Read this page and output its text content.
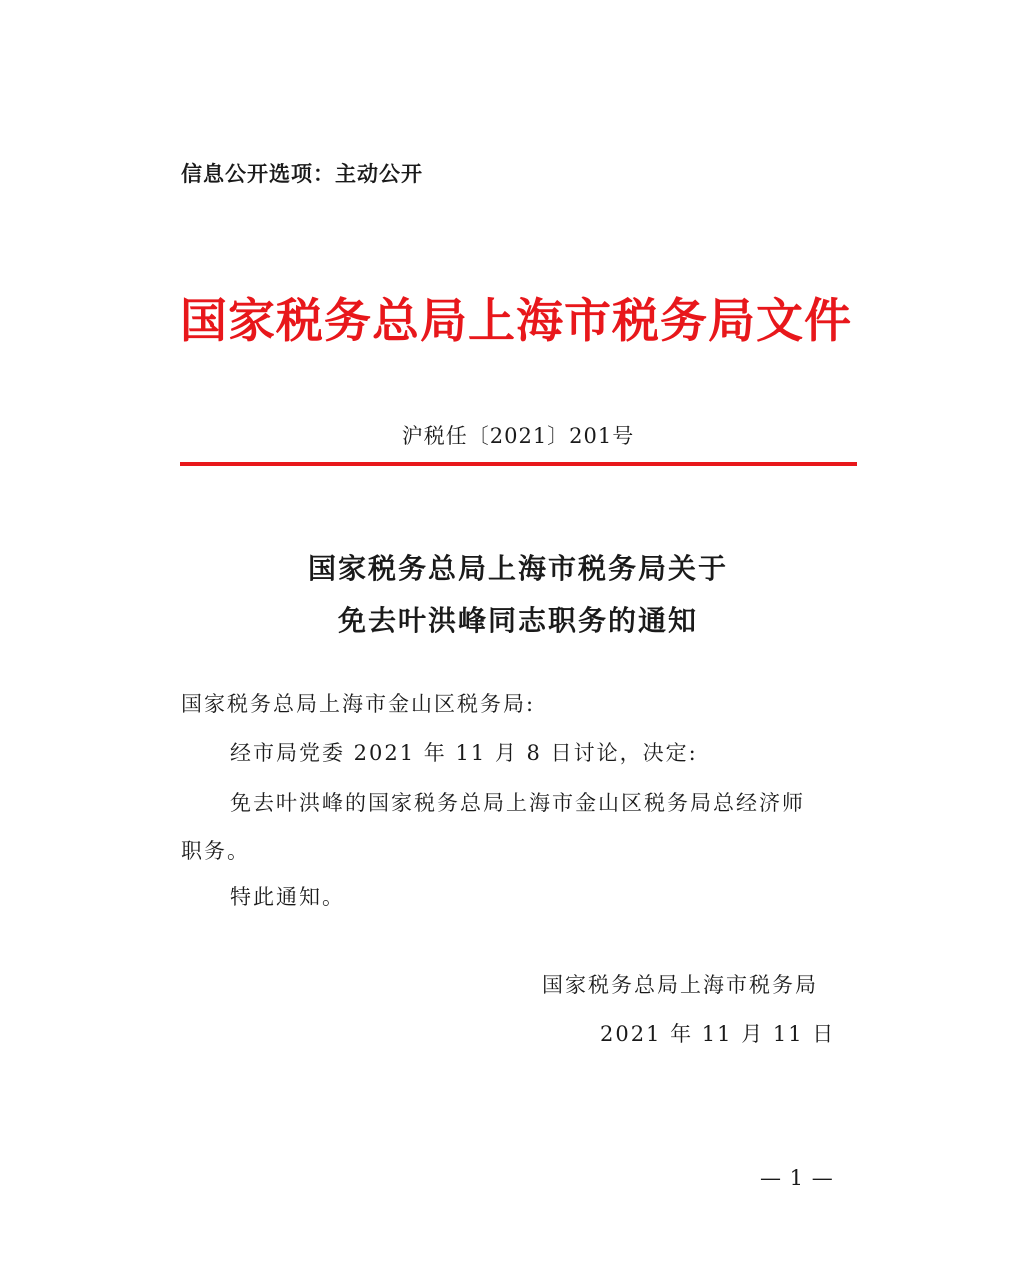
信息公开选项：主动公开
国家税务总局上海市税务局文件
沪税任〔2021〕201号
国家税务总局上海市税务局关于
免去叶洪峰同志职务的通知
国家税务总局上海市金山区税务局:
经市局党委 2021 年 11 月 8 日讨论，决定:
免去叶洪峰的国家税务总局上海市金山区税务局总经济师
职务。
特此通知。
国家税务总局上海市税务局
2021 年 11 月 11 日
— 1 —
